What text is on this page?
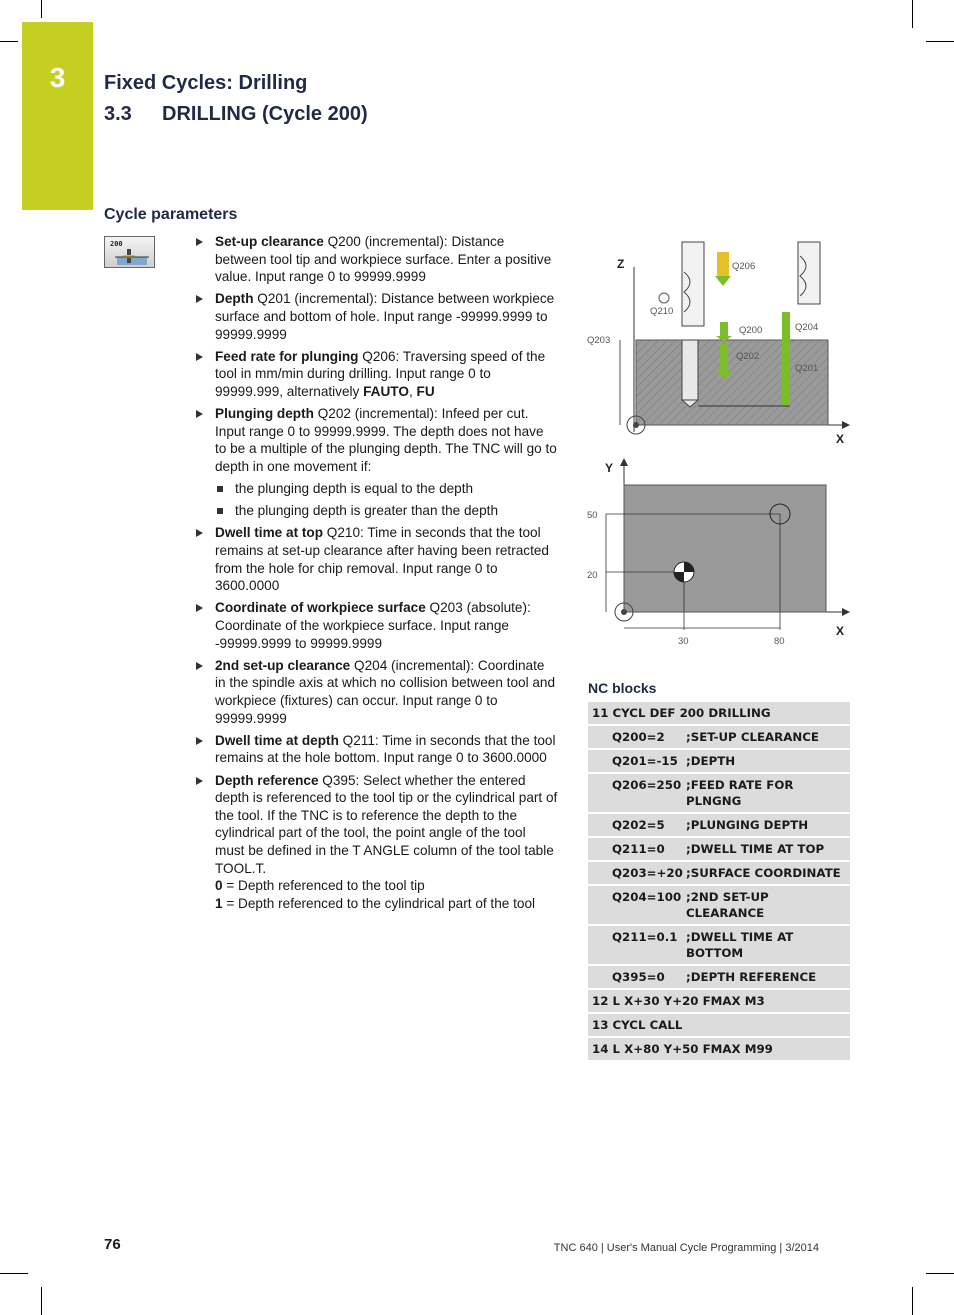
3	Fixed Cycles: Drilling
3.3 DRILLING (Cycle 200)
Cycle parameters
200	Set-up clearance Q200 (incremental): Distance between tool tip and workpiece surface. Enter a positive value. Input range 0 to 99999.9999
Depth Q201 (incremental): Distance between workpiece surface and bottom of hole. Input range -99999.9999 to 99999.9999
Feed rate for plunging Q206: Traversing speed of the tool in mm/min during drilling. Input range 0 to 99999.999, alternatively FAUTO, FU
Plunging depth Q202 (incremental): Infeed per cut. Input range 0 to 99999.9999. The depth does not have to be a multiple of the plunging depth. The TNC will go to depth in one movement if:
the plunging depth is equal to the depth
the plunging depth is greater than the depth
Dwell time at top Q210: Time in seconds that the tool remains at set-up clearance after having been retracted from the hole for chip removal. Input range 0 to 3600.0000
Coordinate of workpiece surface Q203 (absolute): Coordinate of the workpiece surface. Input range -99999.9999 to 99999.9999
2nd set-up clearance Q204 (incremental): Coordinate in the spindle axis at which no collision between tool and workpiece (fixtures) can occur. Input range 0 to 99999.9999
Dwell time at depth Q211: Time in seconds that the tool remains at the hole bottom. Input range 0 to 3600.0000
Depth reference Q395: Select whether the entered depth is referenced to the tool tip or the cylindrical part of the tool. If the TNC is to reference the depth to the cylindrical part of the tool, the point angle of the tool must be defined in the T ANGLE column of the tool table TOOL.T.
0 = Depth referenced to the tool tip
1 = Depth referenced to the cylindrical part of the tool
Z
X
Q206
Q210
Q200
Q202
Q204
Q201
Q203
Y
X
50
20
30	80
NC blocks
11 CYCL DEF 200 DRILLING
Q200=2	;SET-UP CLEARANCE
Q201=-15 ;DEPTH
Q206=250 ;FEED RATE FOR PLNGNG
Q202=5	;PLUNGING DEPTH
Q211=0	;DWELL TIME AT TOP
Q203=+20 ;SURFACE COORDINATE
Q204=100 ;2ND SET-UP CLEARANCE
Q211=0.1 ;DWELL TIME AT BOTTOM
Q395=0	;DEPTH REFERENCE
12 L X+30 Y+20 FMAX M3
13 CYCL CALL
14 L X+80 Y+50 FMAX M99
76	TNC 640 | User's Manual Cycle Programming | 3/2014
